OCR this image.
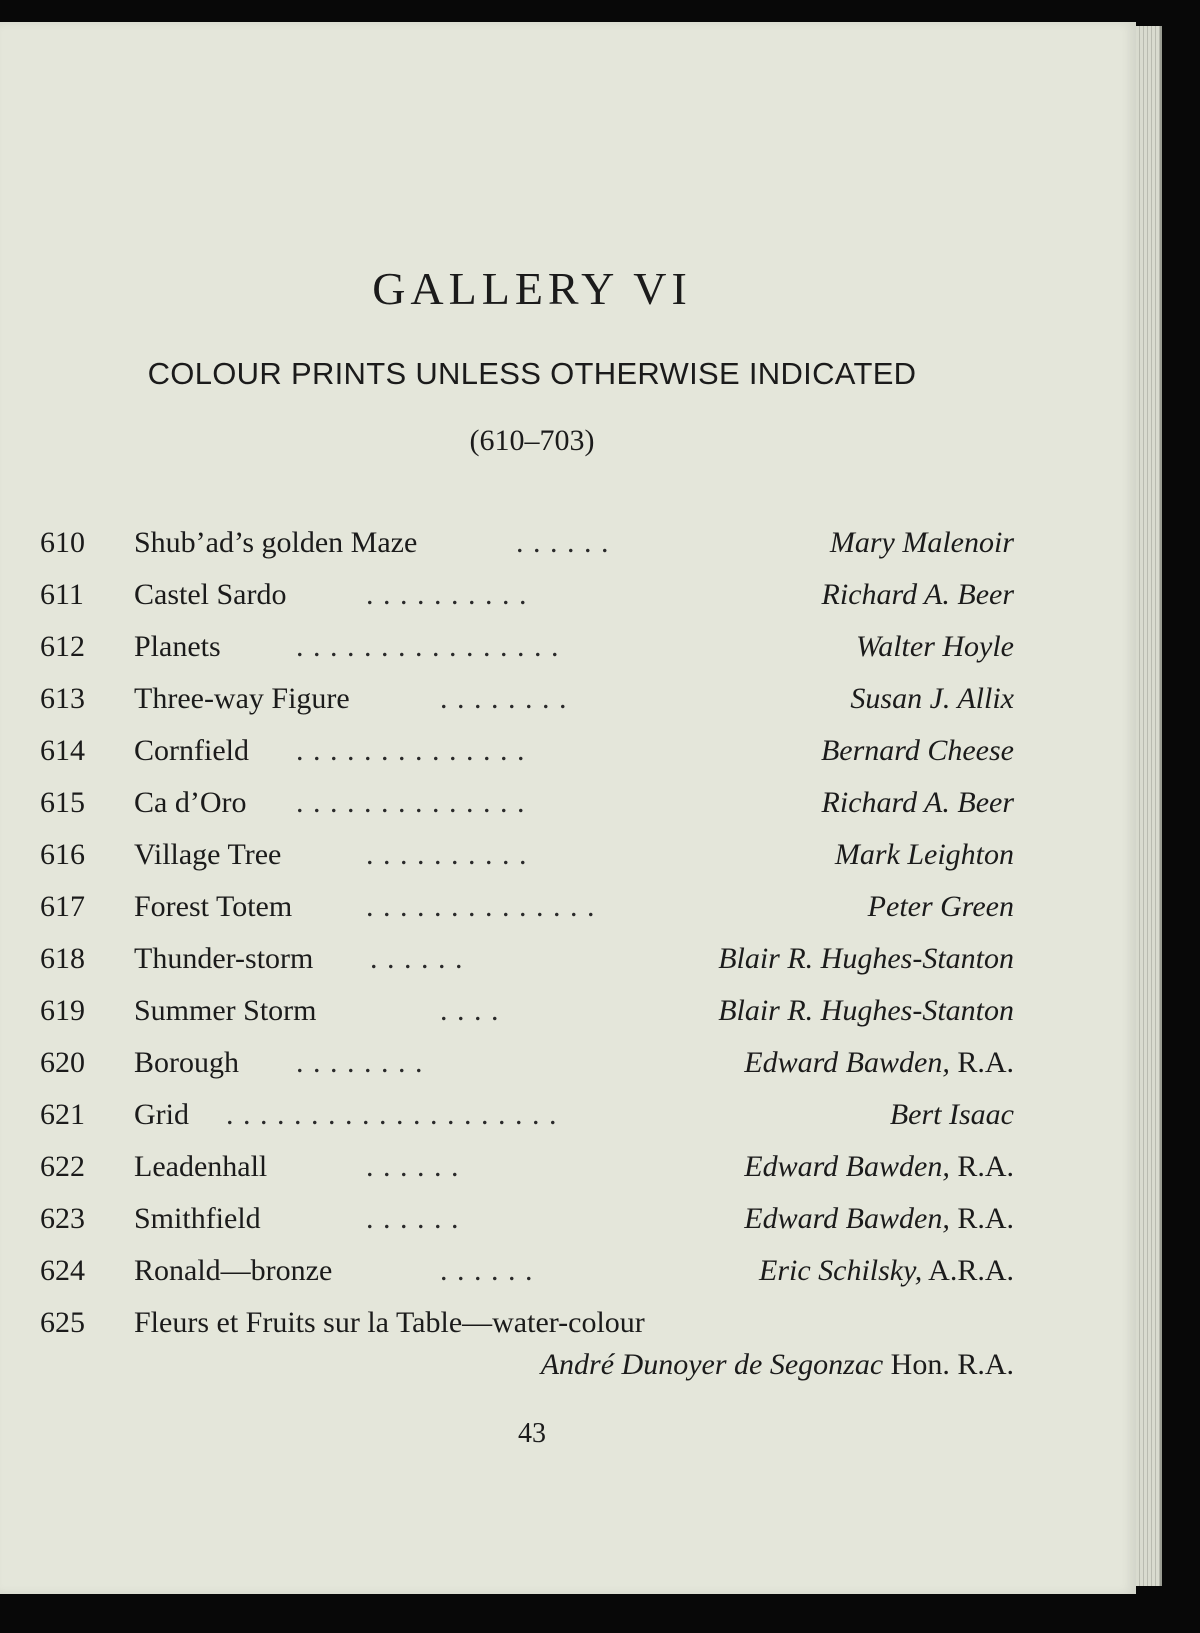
GALLERY VI
COLOUR PRINTS UNLESS OTHERWISE INDICATED
(610–703)
610 Shub’ad’s golden Maze	. . . . . .	Mary Malenoir
611 Castel Sardo	. . . . . . . . . .	Richard A. Beer
612 Planets	. . . . . . . . . . . . . . . .	Walter Hoyle
613 Three-way Figure	. . . . . . . .	Susan J. Allix
614 Cornfield . . . . . . . . . . . . . .	Bernard Cheese
615 Ca d’Oro . . . . . . . . . . . . . .	Richard A. Beer
616 Village Tree	. . . . . . . . . .	Mark Leighton
617 Forest Totem . . . . . . . . . . . . . .	Peter Green
618 Thunder-storm . . . . . .	Blair R. Hughes-Stanton
619 Summer Storm	. . . .	Blair R. Hughes-Stanton
620 Borough . . . . . . . .	Edward Bawden, R.A.
621 Grid . . . . . . . . . . . . . . . . . . . .	Bert Isaac
622 Leadenhall	. . . . . .	Edward Bawden, R.A.
623 Smithfield	. . . . . .	Edward Bawden, R.A.
624 Ronald—bronze	. . . . . .	Eric Schilsky, A.R.A.
625 Fleurs et Fruits sur la Table—water-colour
André Dunoyer de Segonzac Hon. R.A.
43
